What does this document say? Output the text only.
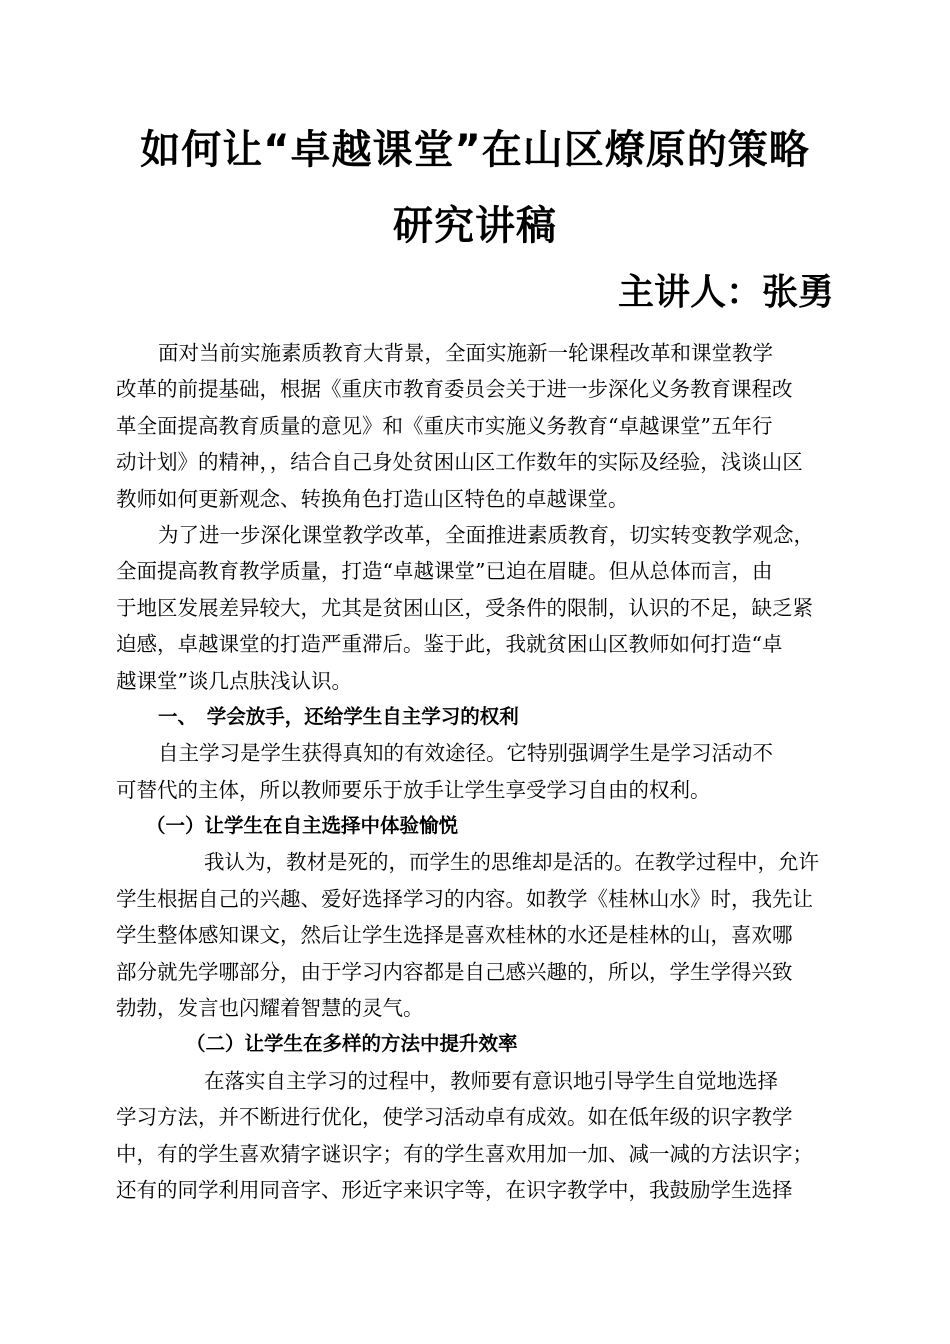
如何让“卓越课堂”在山区燎原的策略
研究讲稿
主讲人：张勇
面对当前实施素质教育大背景，全面实施新一轮课程改革和课堂教学
改革的前提基础，根据《重庆市教育委员会关于进一步深化义务教育课程改
革全面提高教育质量的意见》和《重庆市实施义务教育“卓越课堂”五年行
动计划》的精神，，结合自己身处贫困山区工作数年的实际及经验，浅谈山区
教师如何更新观念、转换角色打造山区特色的卓越课堂。
为了进一步深化课堂教学改革，全面推进素质教育，切实转变教学观念，
全面提高教育教学质量，打造“卓越课堂”已迫在眉睫。但从总体而言，由
于地区发展差异较大，尤其是贫困山区，受条件的限制，认识的不足，缺乏紧
迫感，卓越课堂的打造严重滞后。鉴于此，我就贫困山区教师如何打造“卓
越课堂”谈几点肤浅认识。
一、　学会放手，还给学生自主学习的权利
自主学习是学生获得真知的有效途径。它特别强调学生是学习活动不
可替代的主体，所以教师要乐于放手让学生享受学习自由的权利。
（一）让学生在自主选择中体验愉悦
我认为，教材是死的，而学生的思维却是活的。在教学过程中，允许
学生根据自己的兴趣、爱好选择学习的内容。如教学《桂林山水》时，我先让
学生整体感知课文，然后让学生选择是喜欢桂林的水还是桂林的山，喜欢哪
部分就先学哪部分，由于学习内容都是自己感兴趣的，所以，学生学得兴致
勃勃，发言也闪耀着智慧的灵气。
（二）让学生在多样的方法中提升效率
在落实自主学习的过程中，教师要有意识地引导学生自觉地选择
学习方法，并不断进行优化，使学习活动卓有成效。如在低年级的识字教学
中，有的学生喜欢猜字谜识字；有的学生喜欢用加一加、减一减的方法识字；
还有的同学利用同音字、形近字来识字等，在识字教学中，我鼓励学生选择
